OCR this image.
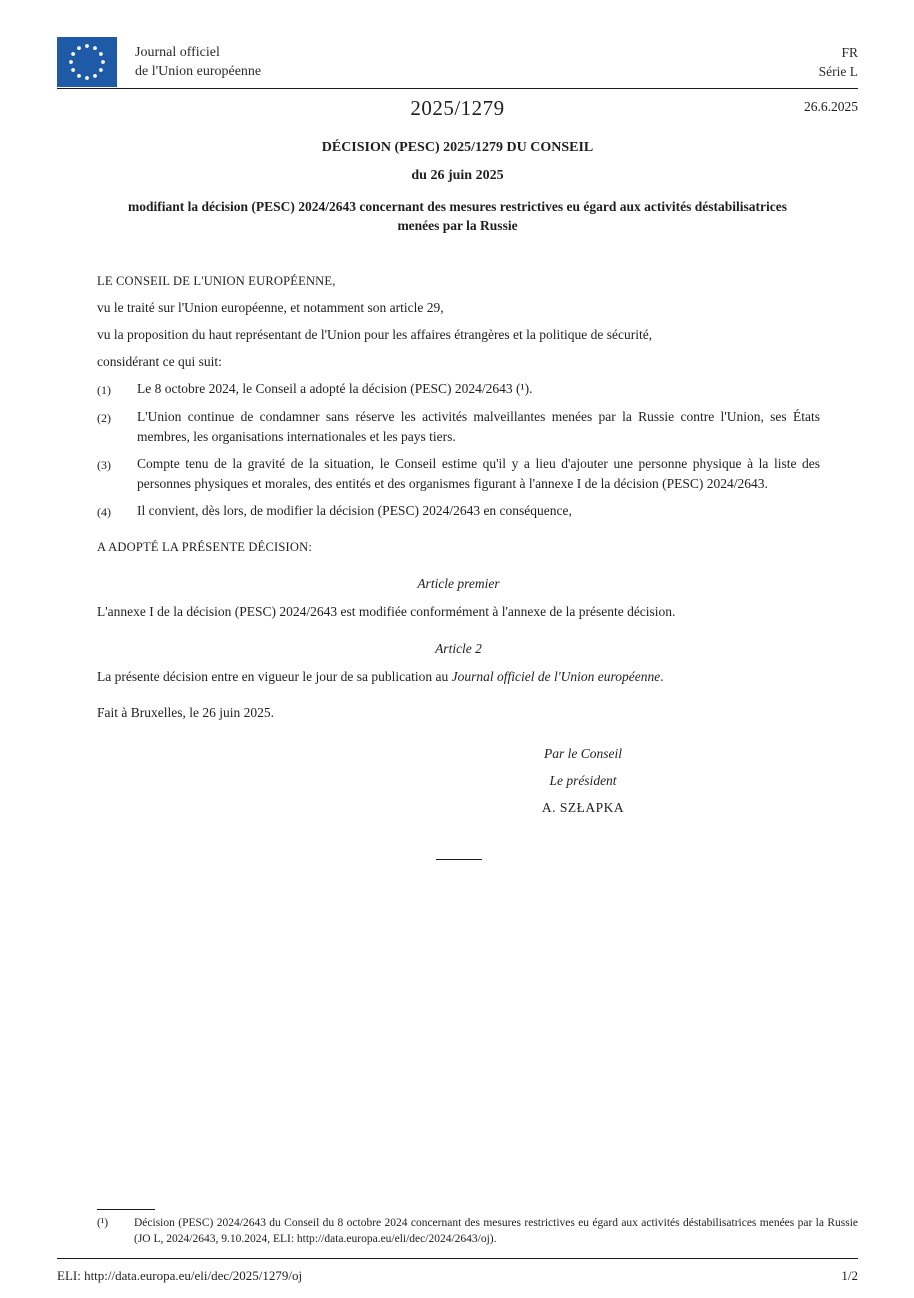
Journal officiel
de l'Union européenne
FR
Série L
2025/1279	26.6.2025
DÉCISION (PESC) 2025/1279 DU CONSEIL
du 26 juin 2025
modifiant la décision (PESC) 2024/2643 concernant des mesures restrictives eu égard aux activités déstabilisatrices menées par la Russie

LE CONSEIL DE L'UNION EUROPÉENNE,

vu le traité sur l'Union européenne, et notamment son article 29,

vu la proposition du haut représentant de l'Union pour les affaires étrangères et la politique de sécurité,

considérant ce qui suit:

(1)	Le 8 octobre 2024, le Conseil a adopté la décision (PESC) 2024/2643 (¹).
(2)	L'Union continue de condamner sans réserve les activités malveillantes menées par la Russie contre l'Union, ses États membres, les organisations internationales et les pays tiers.
(3)	Compte tenu de la gravité de la situation, le Conseil estime qu'il y a lieu d'ajouter une personne physique à la liste des personnes physiques et morales, des entités et des organismes figurant à l'annexe I de la décision (PESC) 2024/2643.
(4)	Il convient, dès lors, de modifier la décision (PESC) 2024/2643 en conséquence,

A ADOPTÉ LA PRÉSENTE DÉCISION:

Article premier

L'annexe I de la décision (PESC) 2024/2643 est modifiée conformément à l'annexe de la présente décision.

Article 2

La présente décision entre en vigueur le jour de sa publication au Journal officiel de l'Union européenne.

Fait à Bruxelles, le 26 juin 2025.

Par le Conseil
Le président
A. SZŁAPKA
(¹)	Décision (PESC) 2024/2643 du Conseil du 8 octobre 2024 concernant des mesures restrictives eu égard aux activités déstabilisatrices menées par la Russie (JO L, 2024/2643, 9.10.2024, ELI: http://data.europa.eu/eli/dec/2024/2643/oj).
ELI: http://data.europa.eu/eli/dec/2025/1279/oj	1/2
